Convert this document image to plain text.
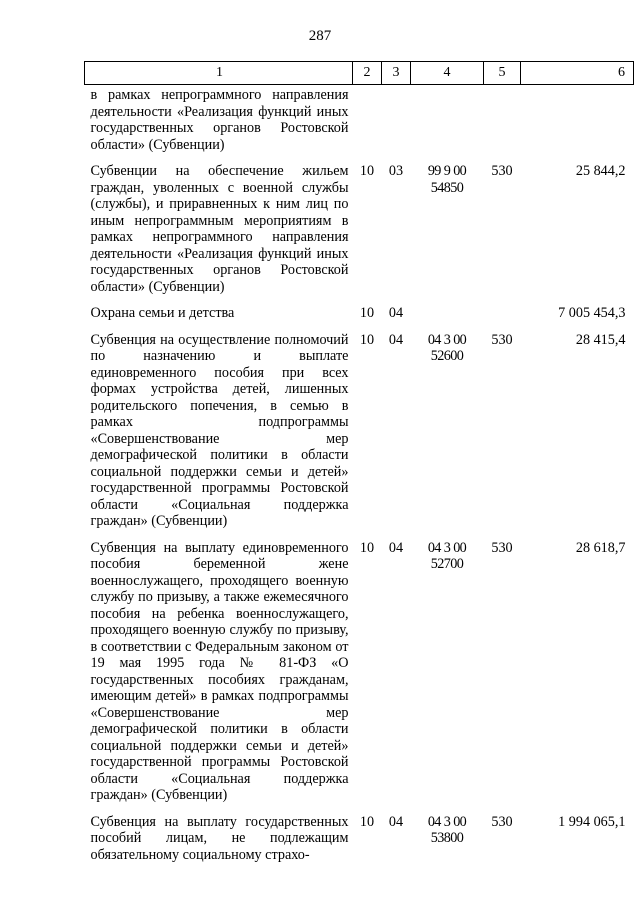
287
1	2	3	4	5	6
в рамках непрограммного направления деятельности «Реализация функций иных государственных органов Ростовской области» (Субвенции)					
Субвенции на обеспечение жильем граждан, уволенных с военной службы (службы), и приравненных к ним лиц по иным непрограммным мероприятиям в рамках непрограммного направления деятельности «Реализация функций иных государственных органов Ростовской области» (Субвенции)	10	03	99 9 00 54850	530	25 844,2
Охрана семьи и детства	10	04			7 005 454,3
Субвенция на осуществление полномочий по назначению и выплате единовременного пособия при всех формах устройства детей, лишенных родительского попечения, в семью в рамках подпрограммы «Совершенствование мер демографической политики в области социальной поддержки семьи и детей» государственной программы Ростовской области «Социальная поддержка граждан» (Субвенции)	10	04	04 3 00 52600	530	28 415,4
Субвенция на выплату единовременного пособия беременной жене военнослужащего, проходящего военную службу по призыву, а также ежемесячного пособия на ребенка военнослужащего, проходящего военную службу по призыву, в соответствии с Федеральным законом от 19 мая 1995 года № 81-ФЗ «О государственных пособиях гражданам, имеющим детей» в рамках подпрограммы «Совершенствование мер демографической политики в области социальной поддержки семьи и детей» государственной программы Ростовской области «Социальная поддержка граждан» (Субвенции)	10	04	04 3 00 52700	530	28 618,7
Субвенция на выплату государственных пособий лицам, не подлежащим обязательному социальному страхо-	10	04	04 3 00 53800	530	1 994 065,1
